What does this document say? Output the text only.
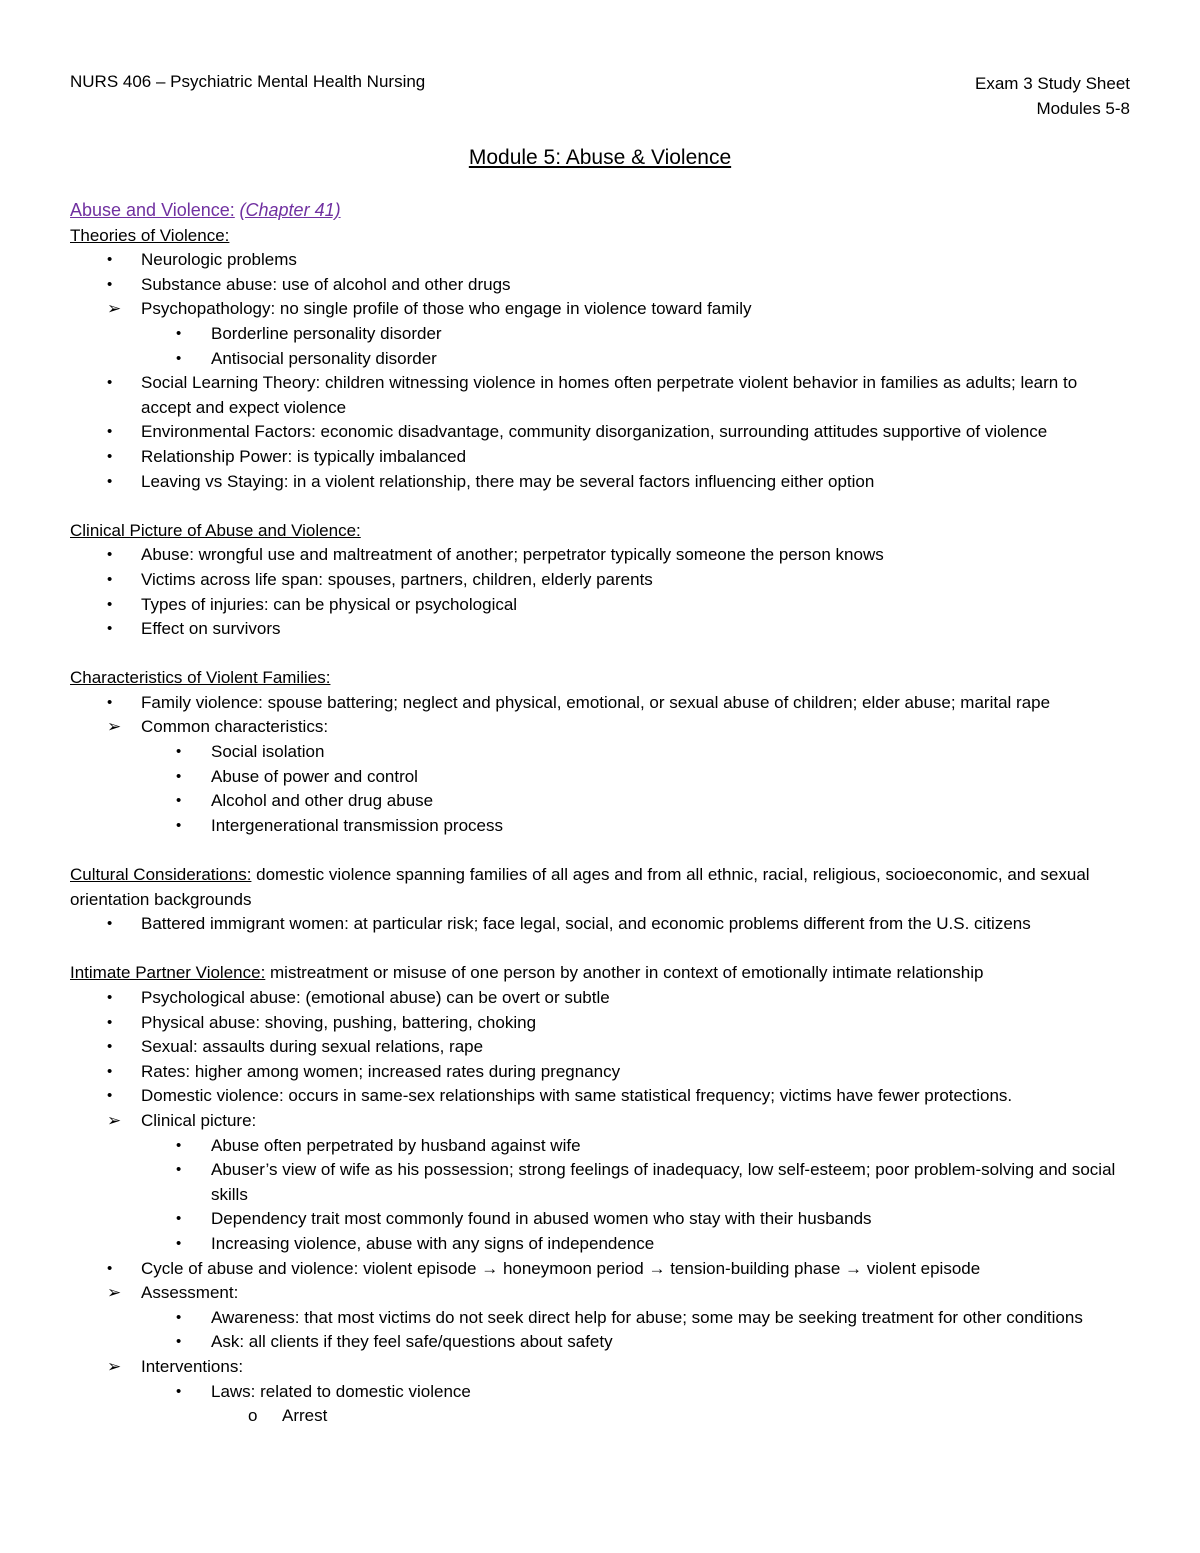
NURS 406 – Psychiatric Mental Health Nursing	Exam 3 Study Sheet
Modules 5-8
Module 5: Abuse & Violence
Abuse and Violence: (Chapter 41)
Theories of Violence:
•	Neurologic problems
•	Substance abuse: use of alcohol and other drugs
➢	Psychopathology: no single profile of those who engage in violence toward family
•	Borderline personality disorder
•	Antisocial personality disorder
•	Social Learning Theory: children witnessing violence in homes often perpetrate violent behavior in families as adults; learn to accept and expect violence
•	Environmental Factors: economic disadvantage, community disorganization, surrounding attitudes supportive of violence
•	Relationship Power: is typically imbalanced
•	Leaving vs Staying: in a violent relationship, there may be several factors influencing either option
Clinical Picture of Abuse and Violence:
•	Abuse: wrongful use and maltreatment of another; perpetrator typically someone the person knows
•	Victims across life span: spouses, partners, children, elderly parents
•	Types of injuries: can be physical or psychological
•	Effect on survivors
Characteristics of Violent Families:
•	Family violence: spouse battering; neglect and physical, emotional, or sexual abuse of children; elder abuse; marital rape
➢	Common characteristics:
•	Social isolation
•	Abuse of power and control
•	Alcohol and other drug abuse
•	Intergenerational transmission process
Cultural Considerations: domestic violence spanning families of all ages and from all ethnic, racial, religious, socioeconomic, and sexual orientation backgrounds
•	Battered immigrant women: at particular risk; face legal, social, and economic problems different from the U.S. citizens
Intimate Partner Violence: mistreatment or misuse of one person by another in context of emotionally intimate relationship
•	Psychological abuse: (emotional abuse) can be overt or subtle
•	Physical abuse: shoving, pushing, battering, choking
•	Sexual: assaults during sexual relations, rape
•	Rates: higher among women; increased rates during pregnancy
•	Domestic violence: occurs in same-sex relationships with same statistical frequency; victims have fewer protections.
➢	Clinical picture:
•	Abuse often perpetrated by husband against wife
•	Abuser’s view of wife as his possession; strong feelings of inadequacy, low self-esteem; poor problem-solving and social skills
•	Dependency trait most commonly found in abused women who stay with their husbands
•	Increasing violence, abuse with any signs of independence
•	Cycle of abuse and violence: violent episode → honeymoon period → tension-building phase → violent episode
➢	Assessment:
•	Awareness: that most victims do not seek direct help for abuse; some may be seeking treatment for other conditions
•	Ask: all clients if they feel safe/questions about safety
➢	Interventions:
•	Laws: related to domestic violence
o	Arrest
